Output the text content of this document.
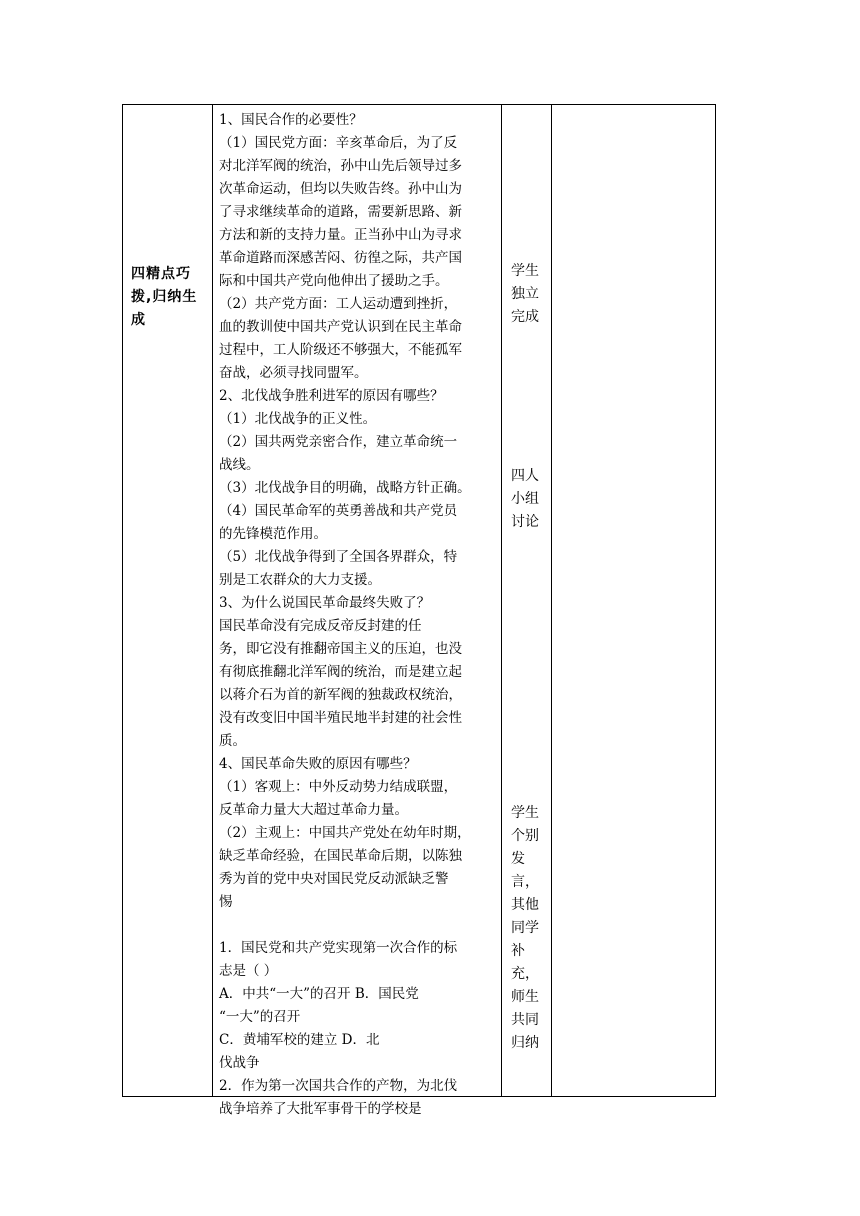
四精点巧
拨,归纳生
成
1、国民合作的必要性？
（1）国民党方面：辛亥革命后，为了反
对北洋军阀的统治，孙中山先后领导过多
次革命运动，但均以失败告终。孙中山为
了寻求继续革命的道路，需要新思路、新
方法和新的支持力量。正当孙中山为寻求
革命道路而深感苦闷、彷徨之际，共产国
际和中国共产党向他伸出了援助之手。
（2）共产党方面：工人运动遭到挫折，
血的教训使中国共产党认识到在民主革命
过程中，工人阶级还不够强大，不能孤军
奋战，必须寻找同盟军。
2、北伐战争胜利进军的原因有哪些？
（1）北伐战争的正义性。
（2）国共两党亲密合作，建立革命统一
战线。
（3）北伐战争目的明确，战略方针正确。
（4）国民革命军的英勇善战和共产党员
的先锋模范作用。
（5）北伐战争得到了全国各界群众，特
别是工农群众的大力支援。
3、为什么说国民革命最终失败了？
国民革命没有完成反帝反封建的任
务，即它没有推翻帝国主义的压迫，也没
有彻底推翻北洋军阀的统治，而是建立起
以蒋介石为首的新军阀的独裁政权统治，
没有改变旧中国半殖民地半封建的社会性
质。
4、国民革命失败的原因有哪些？
（1）客观上：中外反动势力结成联盟，
反革命力量大大超过革命力量。
（2）主观上：中国共产党处在幼年时期，
缺乏革命经验，在国民革命后期，以陈独
秀为首的党中央对国民党反动派缺乏警
惕
1．国民党和共产党实现第一次合作的标
志是（ ）
A．中共“一大”的召开 B．国民党
“一大”的召开
C．黄埔军校的建立 D．北
伐战争
2．作为第一次国共合作的产物，为北伐
战争培养了大批军事骨干的学校是
学生
独立
完成
四人
小组
讨论
学生
个别
发
言，
其他
同学
补
充，
师生
共同
归纳
